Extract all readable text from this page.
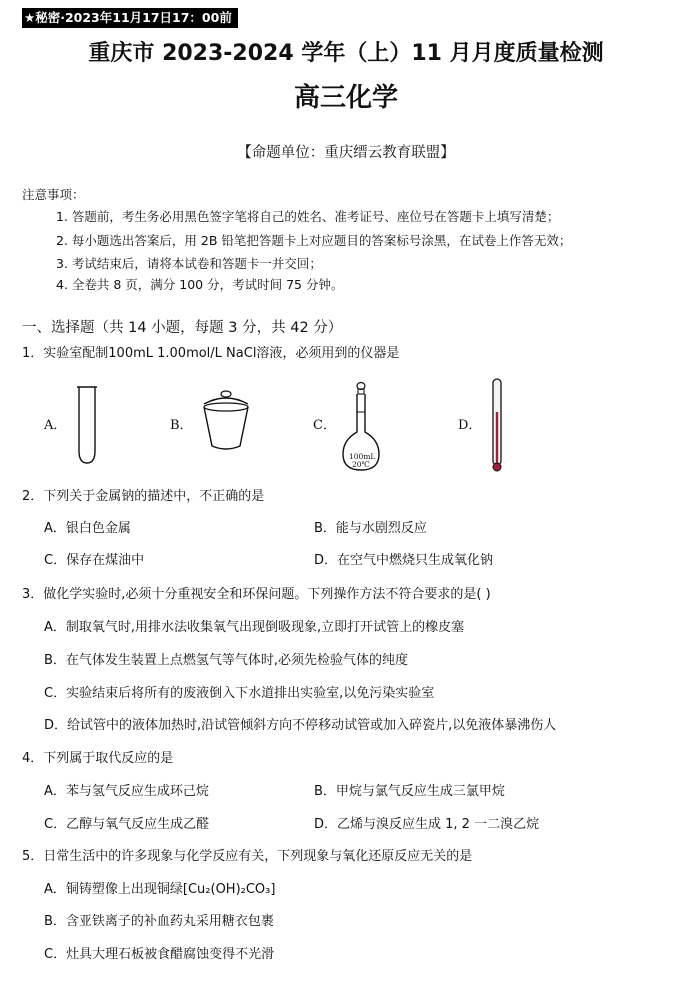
★秘密·2023年11月17日17：00前
重庆市 2023-2024 学年（上）11 月月度质量检测
高三化学
【命题单位：重庆缙云教育联盟】
注意事项：
1. 答题前，考生务必用黑色签字笔将自己的姓名、准考证号、座位号在答题卡上填写清楚；
2. 每小题选出答案后，用 2B 铅笔把答题卡上对应题目的答案标号涂黑，在试卷上作答无效；
3. 考试结束后，请将本试卷和答题卡一并交回；
4. 全卷共 8 页，满分 100 分，考试时间 75 分钟。
一、选择题（共 14 小题，每题 3 分，共 42 分）
1．实验室配制100mL 1.00mol/L NaCl溶液，必须用到的仪器是
A．	B．	C．
100mL
20℃
D．
2．下列关于金属钠的描述中，不正确的是
A．银白色金属	B．能与水剧烈反应
C．保存在煤油中	D．在空气中燃烧只生成氧化钠
3．做化学实验时,必须十分重视安全和环保问题。下列操作方法不符合要求的是( )
A．制取氧气时,用排水法收集氧气出现倒吸现象,立即打开试管上的橡皮塞
B．在气体发生装置上点燃氢气等气体时,必须先检验气体的纯度
C．实验结束后将所有的废液倒入下水道排出实验室,以免污染实验室
D．给试管中的液体加热时,沿试管倾斜方向不停移动试管或加入碎瓷片,以免液体暴沸伤人
4．下列属于取代反应的是
A．苯与氢气反应生成环己烷	B．甲烷与氯气反应生成三氯甲烷
C．乙醇与氧气反应生成乙醛	D．乙烯与溴反应生成 1, 2 一二溴乙烷
5．日常生活中的许多现象与化学反应有关，下列现象与氧化还原反应无关的是
A．铜铸塑像上出现铜绿[Cu₂(OH)₂CO₃]
B．含亚铁离子的补血药丸采用糖衣包裹
C．灶具大理石板被食醋腐蚀变得不光滑
